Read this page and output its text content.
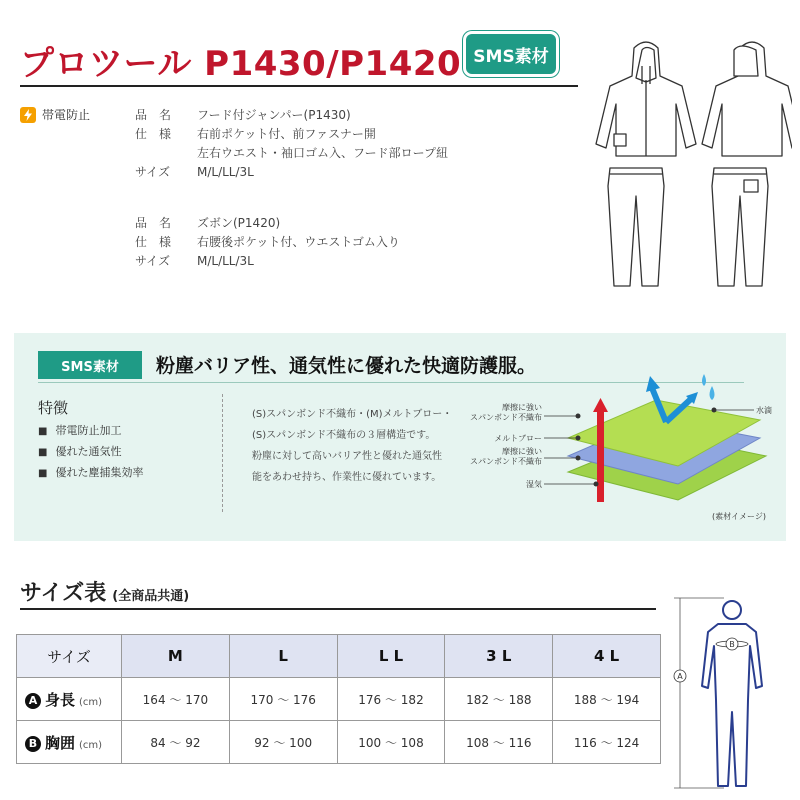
プロツール P1430/P1420 SMS素材
帯電防止	品　名	フード付ジャンパー(P1430)
仕　様	右前ポケット付、前ファスナー開
左右ウエスト・袖口ゴム入、フード部ロープ紐
サイズ	M/L/LL/3L
品　名	ズボン(P1420)
仕　様	右腰後ポケット付、ウエストゴム入り
サイズ	M/L/LL/3L
SMS素材	粉塵バリア性、通気性に優れた快適防護服。
特徴
■ 帯電防止加工
■ 優れた通気性
■ 優れた塵捕集効率
(S)スパンボンド不織布・(M)メルトブロー・
(S)スパンボンド不織布の３層構造です。
粉塵に対して高いバリア性と優れた通気性
能をあわせ持ち、作業性に優れています。
摩擦に強い
スパンボンド不織布
メルトブロー
摩擦に強い
スパンボンド不織布
湿気
水滴
(素材イメージ)
サイズ表 (全商品共通)
サイズ	M	L	L L	3 L	4 L
A 身長 (cm)	164 ～ 170	170 ～ 176	176 ～ 182	182 ～ 188	188 ～ 194
B 胸囲 (cm)	84 ～ 92	92 ～ 100	100 ～ 108	108 ～ 116	116 ～ 124
A
B
